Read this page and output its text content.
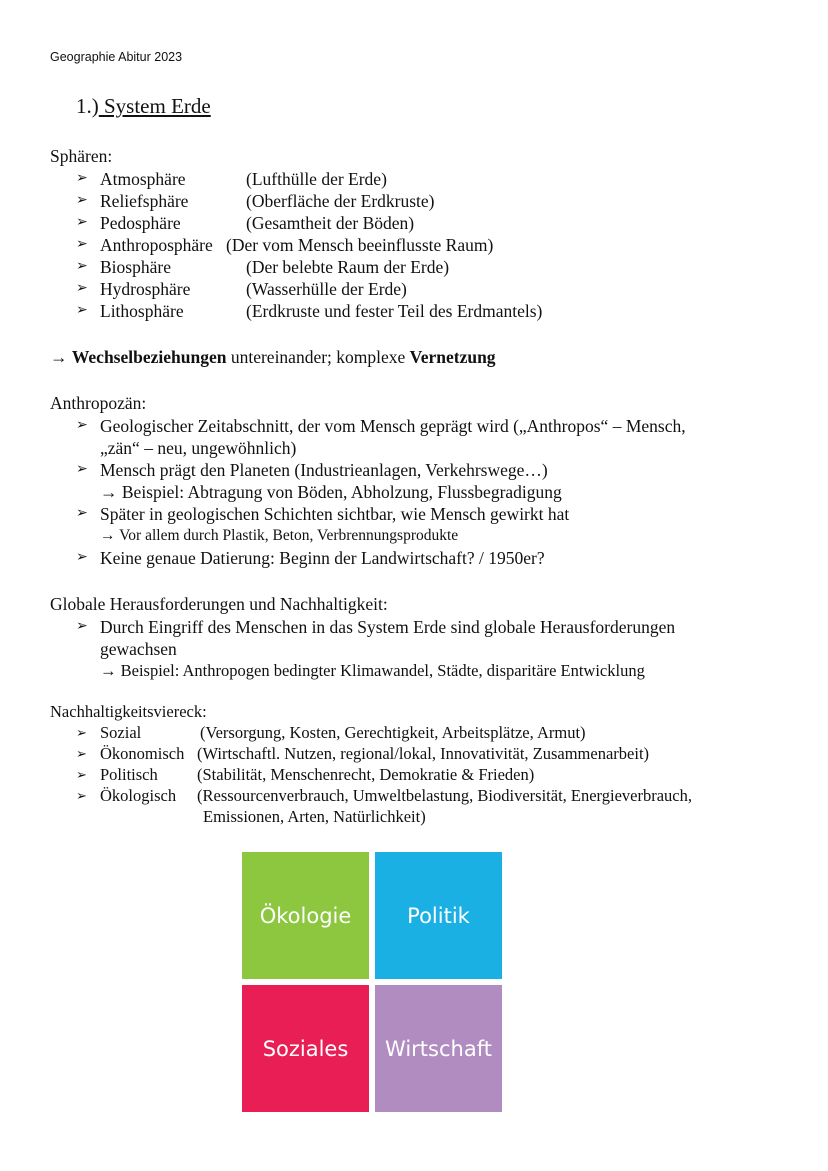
Geographie Abitur 2023
1.) System Erde
Sphären:
➢ Atmosphäre	(Lufthülle der Erde)
➢ Reliefsphäre	(Oberfläche der Erdkruste)
➢ Pedosphäre	(Gesamtheit der Böden)
➢ Anthroposphäre (Der vom Mensch beeinflusste Raum)
➢ Biosphäre	(Der belebte Raum der Erde)
➢ Hydrosphäre	(Wasserhülle der Erde)
➢ Lithosphäre	(Erdkruste und fester Teil des Erdmantels)
→ Wechselbeziehungen untereinander; komplexe Vernetzung
Anthropozän:
➢ Geologischer Zeitabschnitt, der vom Mensch geprägt wird („Anthropos“ – Mensch,
„zän“ – neu, ungewöhnlich)
➢ Mensch prägt den Planeten (Industrieanlagen, Verkehrswege…)
→ Beispiel: Abtragung von Böden, Abholzung, Flussbegradigung
➢ Später in geologischen Schichten sichtbar, wie Mensch gewirkt hat
→ Vor allem durch Plastik, Beton, Verbrennungsprodukte
➢ Keine genaue Datierung: Beginn der Landwirtschaft? / 1950er?
Globale Herausforderungen und Nachhaltigkeit:
➢ Durch Eingriff des Menschen in das System Erde sind globale Herausforderungen
gewachsen
→ Beispiel: Anthropogen bedingter Klimawandel, Städte, disparitäre Entwicklung
Nachhaltigkeitsviereck:
➢ Sozial	(Versorgung, Kosten, Gerechtigkeit, Arbeitsplätze, Armut)
➢ Ökonomisch (Wirtschaftl. Nutzen, regional/lokal, Innovativität, Zusammenarbeit)
➢ Politisch (Stabilität, Menschenrecht, Demokratie & Frieden)
➢ Ökologisch (Ressourcenverbrauch, Umweltbelastung, Biodiversität, Energieverbrauch,
Emissionen, Arten, Natürlichkeit)
Ökologie	Politik
Soziales Wirtschaft
